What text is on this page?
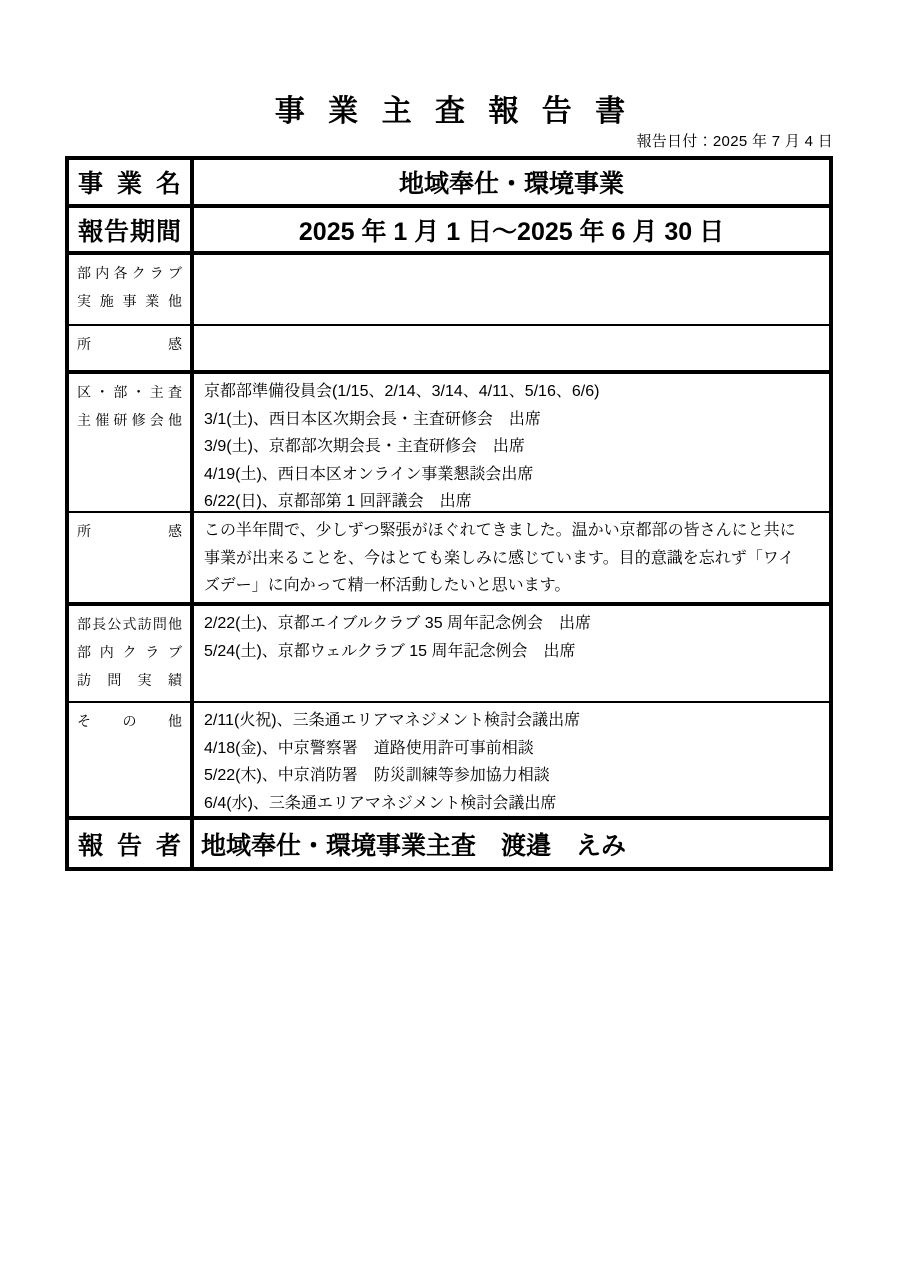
事業主査報告書
報告日付：2025 年 7 月 4 日
事業名	地域奉仕・環境事業
報告期間	2025 年 1 月 1 日～2025 年 6 月 30 日
部内各クラブ
実施事業他
所感
区・部・主査
主催研修会他
京都部準備役員会(1/15、2/14、3/14、4/11、5/16、6/6)
3/1(土)、西日本区次期会長・主査研修会　出席
3/9(土)、京都部次期会長・主査研修会　出席
4/19(土)、西日本区オンライン事業懇談会出席
6/22(日)、京都部第 1 回評議会　出席
所感 この半年間で、少しずつ緊張がほぐれてきました。温かい京都部の皆さんにと共に
事業が出来ることを、今はとても楽しみに感じています。目的意識を忘れず「ワイ
ズデー」に向かって精一杯活動したいと思います。
部長公式訪問他
部内クラブ
訪問実績
2/22(土)、京都エイブルクラブ 35 周年記念例会　出席
5/24(土)、京都ウェルクラブ 15 周年記念例会　出席
その他 2/11(火祝)、三条通エリアマネジメント検討会議出席
4/18(金)、中京警察署　道路使用許可事前相談
5/22(木)、中京消防署　防災訓練等参加協力相談
6/4(水)、三条通エリアマネジメント検討会議出席
報告者 地域奉仕・環境事業主査　渡邉　えみ
